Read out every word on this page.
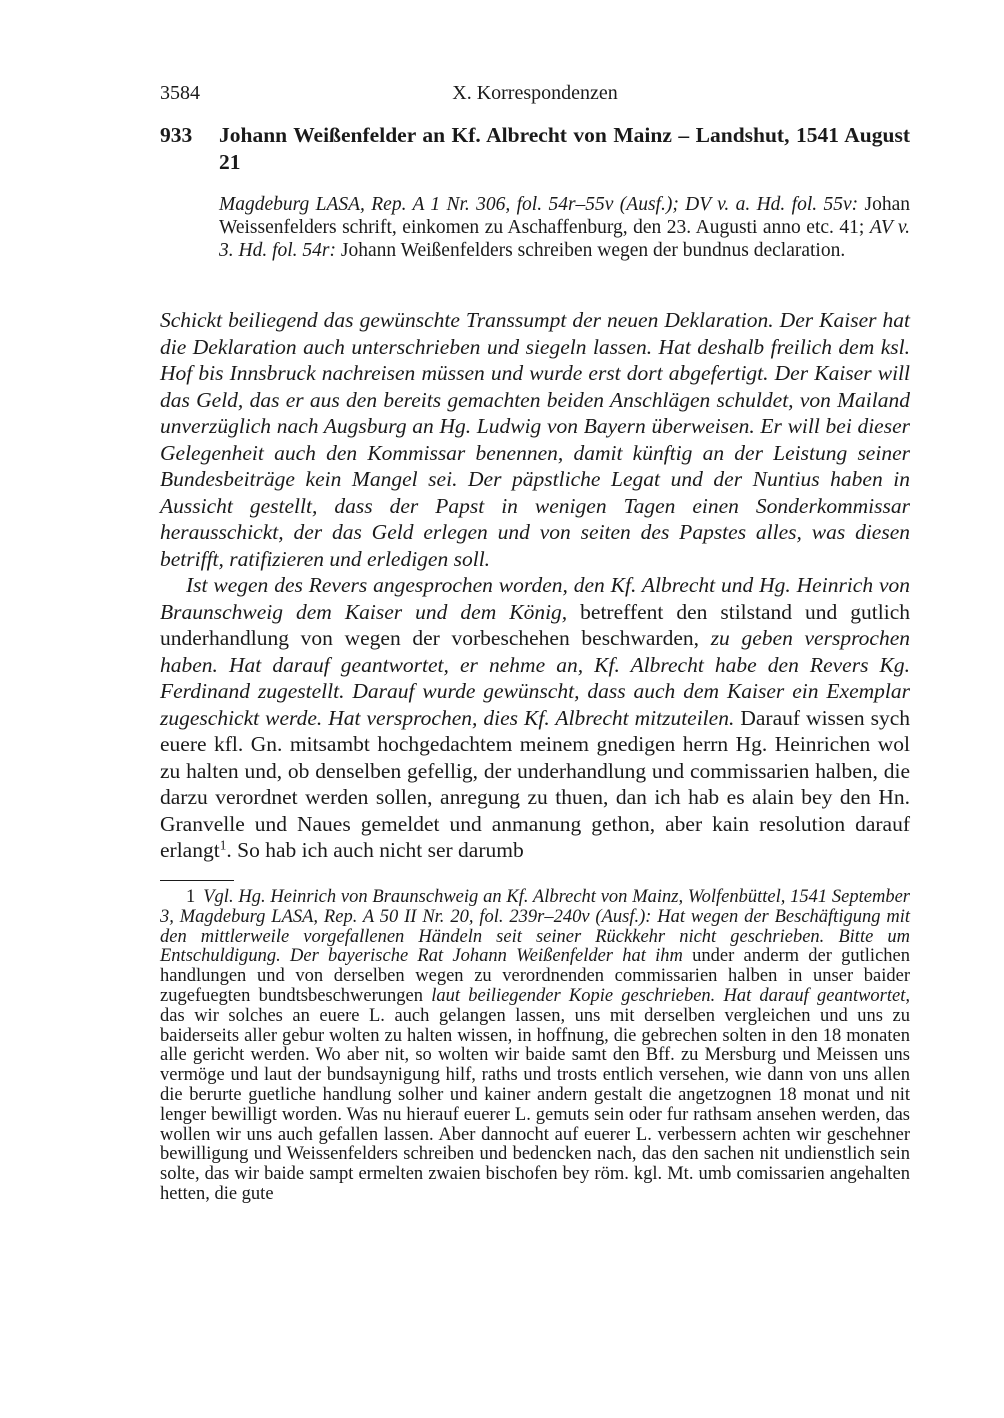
3584	X. Korrespondenzen
933 Johann Weißenfelder an Kf. Albrecht von Mainz – Landshut, 1541 August 21
Magdeburg LASA, Rep. A 1 Nr. 306, fol. 54r–55v (Ausf.); DV v. a. Hd. fol. 55v: Johan Weissenfelders schrift, einkomen zu Aschaffenburg, den 23. Augusti anno etc. 41; AV v. 3. Hd. fol. 54r: Johann Weißenfelders schreiben wegen der bundnus declaration.

Schickt beiliegend das gewünschte Transsumpt der neuen Deklaration. Der Kaiser hat die Deklaration auch unterschrieben und siegeln lassen. Hat deshalb freilich dem ksl. Hof bis Innsbruck nachreisen müssen und wurde erst dort abgefertigt. Der Kaiser will das Geld, das er aus den bereits gemachten beiden Anschlägen schuldet, von Mailand unverzüglich nach Augsburg an Hg. Ludwig von Bayern überweisen. Er will bei dieser Gelegenheit auch den Kommissar benennen, damit künftig an der Leistung seiner Bundesbeiträge kein Mangel sei. Der päpstliche Legat und der Nuntius haben in Aussicht gestellt, dass der Papst in wenigen Tagen einen Sonderkommissar herausschickt, der das Geld erlegen und von seiten des Papstes alles, was diesen betrifft, ratifizieren und erledigen soll.

Ist wegen des Revers angesprochen worden, den Kf. Albrecht und Hg. Heinrich von Braunschweig dem Kaiser und dem König, betreffent den stilstand und gutlich underhandlung von wegen der vorbeschehen beschwarden, zu geben versprochen haben. Hat darauf geantwortet, er nehme an, Kf. Albrecht habe den Revers Kg. Ferdinand zugestellt. Darauf wurde gewünscht, dass auch dem Kaiser ein Exemplar zugeschickt werde. Hat versprochen, dies Kf. Albrecht mitzuteilen. Darauf wissen sych euere kfl. Gn. mitsambt hochgedachtem meinem gnedigen herrn Hg. Heinrichen wol zu halten und, ob denselben gefellig, der underhandlung und commissarien halben, die darzu verordnet werden sollen, anregung zu thuen, dan ich hab es alain bey den Hn. Granvelle und Naues gemeldet und anmanung gethon, aber kain resolution darauf erlangt$^1$. So hab ich auch nicht ser darumb

1 Vgl. Hg. Heinrich von Braunschweig an Kf. Albrecht von Mainz, Wolfenbüttel, 1541 September 3, Magdeburg LASA, Rep. A 50 II Nr. 20, fol. 239r–240v (Ausf.): Hat wegen der Beschäftigung mit den mittlerweile vorgefallenen Händeln seit seiner Rückkehr nicht geschrieben. Bitte um Entschuldigung. Der bayerische Rat Johann Weißenfelder hat ihm under anderm der gutlichen handlungen und von derselben wegen zu verordnenden commissarien halben in unser baider zugefuegten bundtsbeschwerungen laut beiliegender Kopie geschrieben. Hat darauf geantwortet, das wir solches an euere L. auch gelangen lassen, uns mit derselben vergleichen und uns zu baiderseits aller gebur wolten zu halten wissen, in hoffnung, die gebrechen solten in den 18 monaten alle gericht werden. Wo aber nit, so wolten wir baide samt den Bff. zu Mersburg und Meissen uns vermöge und laut der bundsaynigung hilf, raths und trosts entlich versehen, wie dann von uns allen die berurte guetliche handlung solher und kainer andern gestalt die angetzognen 18 monat und nit lenger bewilligt worden. Was nu hierauf euerer L. gemuts sein oder fur rathsam ansehen werden, das wollen wir uns auch gefallen lassen. Aber dannocht auf euerer L. verbessern achten wir geschehner bewilligung und Weissenfelders schreiben und bedencken nach, das den sachen nit undienstlich sein solte, das wir baide sampt ermelten zwaien bischofen bey röm. kgl. Mt. umb comissarien angehalten hetten, die gute
